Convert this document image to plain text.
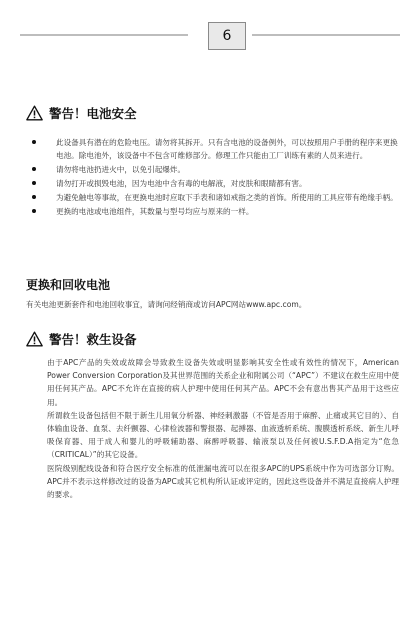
6
警告！电池安全
此设备具有潜在的危险电压。请勿将其拆开。只有含电池的设备例外，可以按照用户手册的程序来更换电池。除电池外，该设备中不包含可维修部分。修理工作只能由工厂训练有素的人员来进行。
请勿将电池扔进火中，以免引起爆炸。
请勿打开或损毁电池，因为电池中含有毒的电解液，对皮肤和眼睛都有害。
为避免触电等事故，在更换电池时应取下手表和诸如戒指之类的首饰。所使用的工具应带有绝缘手柄。
更换的电池或电池组件，其数量与型号均应与原来的一样。
更换和回收电池
有关电池更新套件和电池回收事宜，请询问经销商或访问APC网站www.apc.com。
警告！救生设备

由于APC产品的失效或故障会导致救生设备失效或明显影响其安全性或有效性的情况下，American Power Conversion Corporation及其世界范围的关系企业和附属公司（“APC”）不建议在救生应用中使用任何其产品。APC不允许在直接的病人护理中使用任何其产品。APC不会有意出售其产品用于这些应用。

所谓救生设备包括但不限于新生儿用氧分析器、神经刺激器（不管是否用于麻醉、止痛或其它目的）、自体输血设备、血泵、去纤颤器、心律检波器和警报器、起搏器、血液透析系统、腹膜透析系统、新生儿呼吸保育器、用于成人和婴儿的呼吸辅助器、麻醉呼吸器、输液泵以及任何被U.S.F.D.A指定为“危急（CRITICAL）”的其它设备。

医院级别配线设备和符合医疗安全标准的低泄漏电流可以在很多APC的UPS系统中作为可选部分订购。APC并不表示这样修改过的设备为APC或其它机构所认证或评定的，因此这些设备并不满足直接病人护理的要求。
